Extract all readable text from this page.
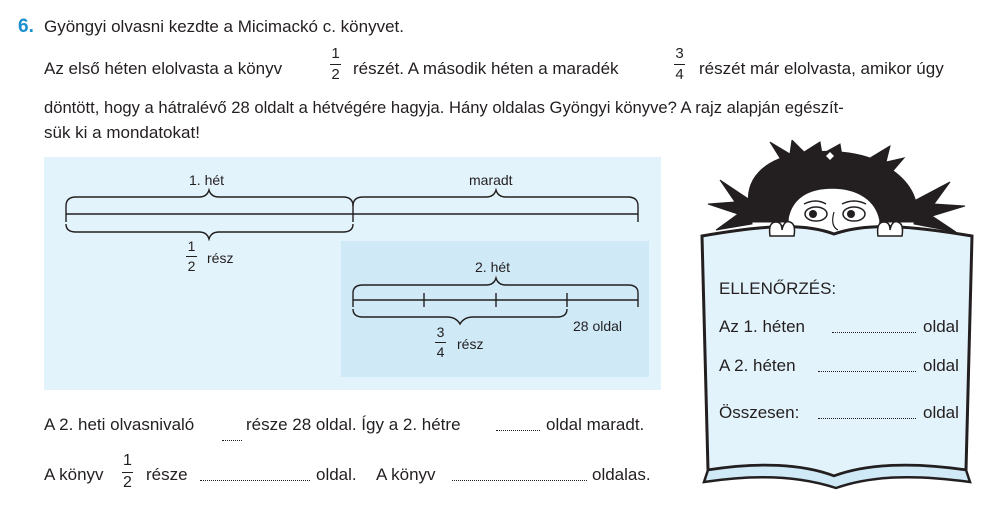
6. Gyöngyi olvasni kezdte a Micimackó c. könyvet.
Az első héten elolvasta a könyv
1
2 részét. A második héten a maradék
3
4 részét már elolvasta, amikor úgy
döntött, hogy a hátralévő 28 oldalt a hétvégére hagyja. Hány oldalas Gyöngyi könyve? A rajz alapján egészít-
sük ki a mondatokat!
1. hét	maradt
1
2 rész
2. hét
28 oldal
3
4 rész
A 2. heti olvasnivaló	része 28 oldal. Így a 2. hétre	oldal maradt.
A könyv
1
2 része	oldal. A könyv	oldalas.
ELLENŐRZÉS:
Az 1. héten	oldal
A 2. héten	oldal
Összesen:	oldal
